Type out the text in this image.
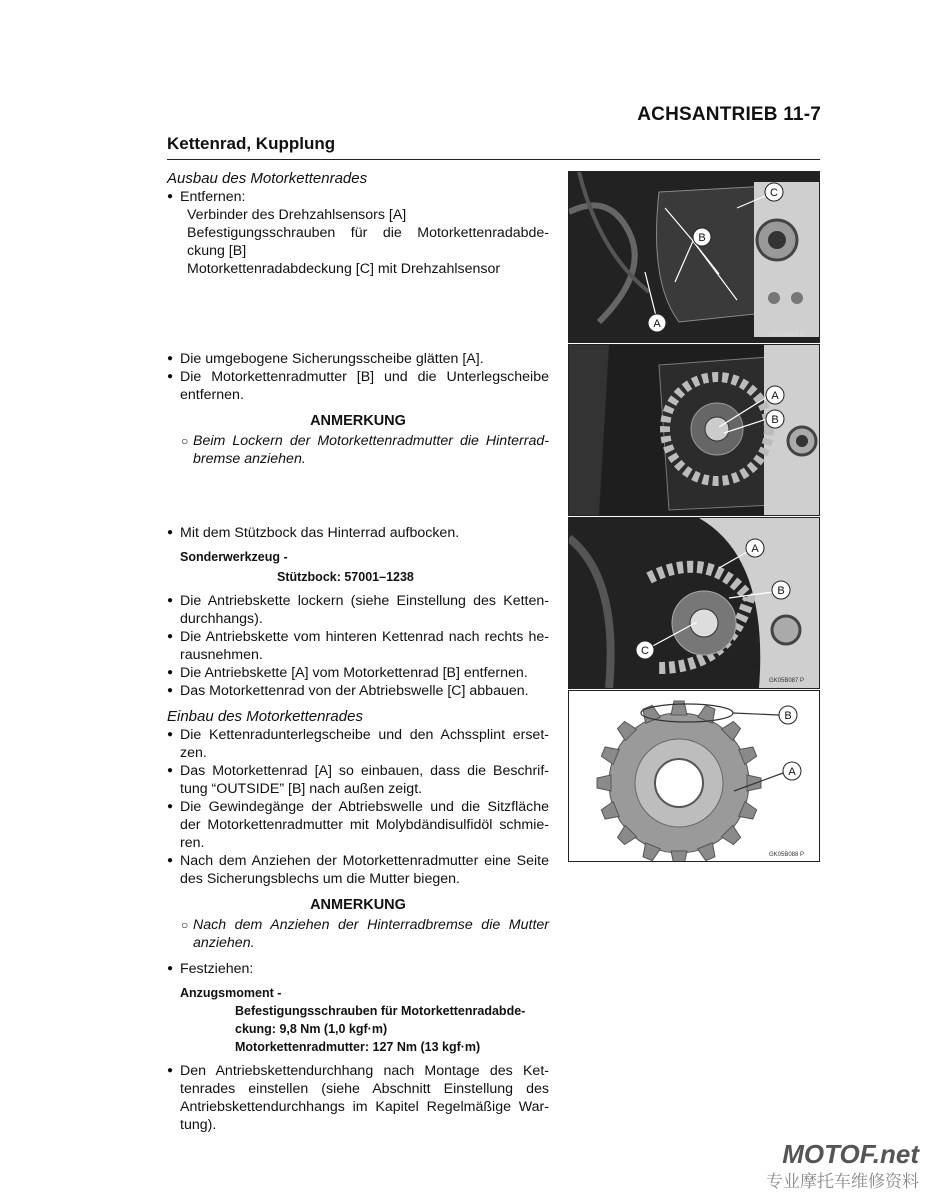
ACHSANTRIEB 11-7
Kettenrad, Kupplung
Ausbau des Motorkettenrades
● Entfernen:
Verbinder des Drehzahlsensors [A]
Befestigungsschrauben für die Motorkettenradabde-ckung [B]
Motorkettenradabdeckung [C] mit Drehzahlsensor
● Die umgebogene Sicherungsscheibe glätten [A].
● Die Motorkettenradmutter [B] und die Unterlegscheibe entfernen.
ANMERKUNG
○ Beim Lockern der Motorkettenradmutter die Hinterrad-bremse anziehen.
● Mit dem Stützbock das Hinterrad aufbocken.
Sonderwerkzeug -
Stützbock: 57001–1238
● Die Antriebskette lockern (siehe Einstellung des Ketten-durchhangs).
● Die Antriebskette vom hinteren Kettenrad nach rechts he-rausnehmen.
● Die Antriebskette [A] vom Motorkettenrad [B] entfernen.
● Das Motorkettenrad von der Abtriebswelle [C] abbauen.
Einbau des Motorkettenrades
● Die Kettenradunterlegscheibe und den Achssplint erset-zen.
● Das Motorkettenrad [A] so einbauen, dass die Beschrif-tung “OUTSIDE” [B] nach außen zeigt.
● Die Gewindegänge der Abtriebswelle und die Sitzfläche der Motorkettenradmutter mit Molybdändisulfidöl schmie-ren.
● Nach dem Anziehen der Motorkettenradmutter eine Seite des Sicherungsblechs um die Mutter biegen.
ANMERKUNG
○ Nach dem Anziehen der Hinterradbremse die Mutter anziehen.
● Festziehen:
Anzugsmoment -
Befestigungsschrauben für Motorkettenradabde-ckung: 9,8 Nm (1,0 kgf·m)
Motorkettenradmutter: 127 Nm (13 kgf·m)
● Den Antriebskettendurchhang nach Montage des Ket-tenrades einstellen (siehe Abschnitt Einstellung des Antriebskettendurchhangs im Kapitel Regelmäßige War-tung).
C
B
A
GK05B085 P
A
B
A
B
C
GK05B087 P
B
A
GK05B088 P
MOTOF.net
专业摩托车维修资料
